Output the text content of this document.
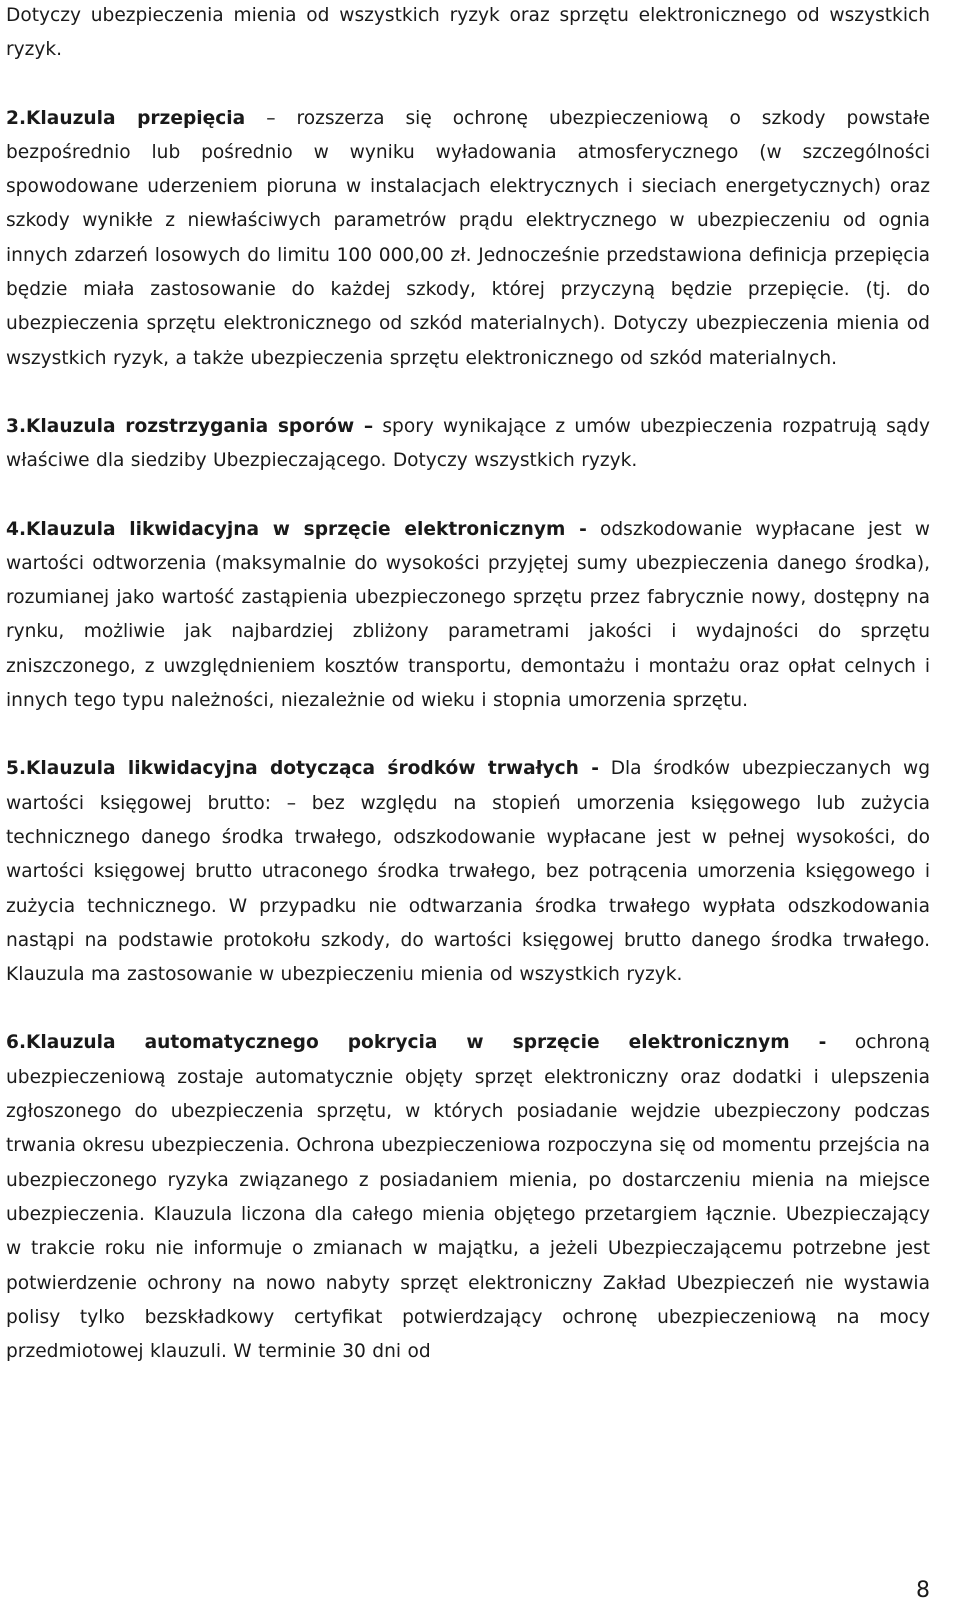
Dotyczy ubezpieczenia mienia od wszystkich ryzyk oraz sprzętu elektronicznego od wszystkich ryzyk.

2.Klauzula przepięcia – rozszerza się ochronę ubezpieczeniową o szkody powstałe bezpośrednio lub pośrednio w wyniku wyładowania atmosferycznego (w szczególności spowodowane uderzeniem pioruna w instalacjach elektrycznych i sieciach energetycznych) oraz szkody wynikłe z niewłaściwych parametrów prądu elektrycznego w ubezpieczeniu od ognia innych zdarzeń losowych do limitu 100 000,00 zł. Jednocześnie przedstawiona definicja przepięcia będzie miała zastosowanie do każdej szkody, której przyczyną będzie przepięcie. (tj. do ubezpieczenia sprzętu elektronicznego od szkód materialnych). Dotyczy ubezpieczenia mienia od wszystkich ryzyk, a także ubezpieczenia sprzętu elektronicznego od szkód materialnych.

3.Klauzula rozstrzygania sporów – spory wynikające z umów ubezpieczenia rozpatrują sądy właściwe dla siedziby Ubezpieczającego. Dotyczy wszystkich ryzyk.

4.Klauzula likwidacyjna w sprzęcie elektronicznym - odszkodowanie wypłacane jest w wartości odtworzenia (maksymalnie do wysokości przyjętej sumy ubezpieczenia danego środka), rozumianej jako wartość zastąpienia ubezpieczonego sprzętu przez fabrycznie nowy, dostępny na rynku, możliwie jak najbardziej zbliżony parametrami jakości i wydajności do sprzętu zniszczonego, z uwzględnieniem kosztów transportu, demontażu i montażu oraz opłat celnych i innych tego typu należności, niezależnie od wieku i stopnia umorzenia sprzętu.

5.Klauzula likwidacyjna dotycząca środków trwałych - Dla środków ubezpieczanych wg wartości księgowej brutto: – bez względu na stopień umorzenia księgowego lub zużycia technicznego danego środka trwałego, odszkodowanie wypłacane jest w pełnej wysokości, do wartości księgowej brutto utraconego środka trwałego, bez potrącenia umorzenia księgowego i zużycia technicznego. W przypadku nie odtwarzania środka trwałego wypłata odszkodowania nastąpi na podstawie protokołu szkody, do wartości księgowej brutto danego środka trwałego. Klauzula ma zastosowanie w ubezpieczeniu mienia od wszystkich ryzyk.

6.Klauzula automatycznego pokrycia w sprzęcie elektronicznym - ochroną ubezpieczeniową zostaje automatycznie objęty sprzęt elektroniczny oraz dodatki i ulepszenia zgłoszonego do ubezpieczenia sprzętu, w których posiadanie wejdzie ubezpieczony podczas trwania okresu ubezpieczenia. Ochrona ubezpieczeniowa rozpoczyna się od momentu przejścia na ubezpieczonego ryzyka związanego z posiadaniem mienia, po dostarczeniu mienia na miejsce ubezpieczenia. Klauzula liczona dla całego mienia objętego przetargiem łącznie. Ubezpieczający w trakcie roku nie informuje o zmianach w majątku, a jeżeli Ubezpieczającemu potrzebne jest potwierdzenie ochrony na nowo nabyty sprzęt elektroniczny Zakład Ubezpieczeń nie wystawia polisy tylko bezskładkowy certyfikat potwierdzający ochronę ubezpieczeniową na mocy przedmiotowej klauzuli. W terminie 30 dni od

8
